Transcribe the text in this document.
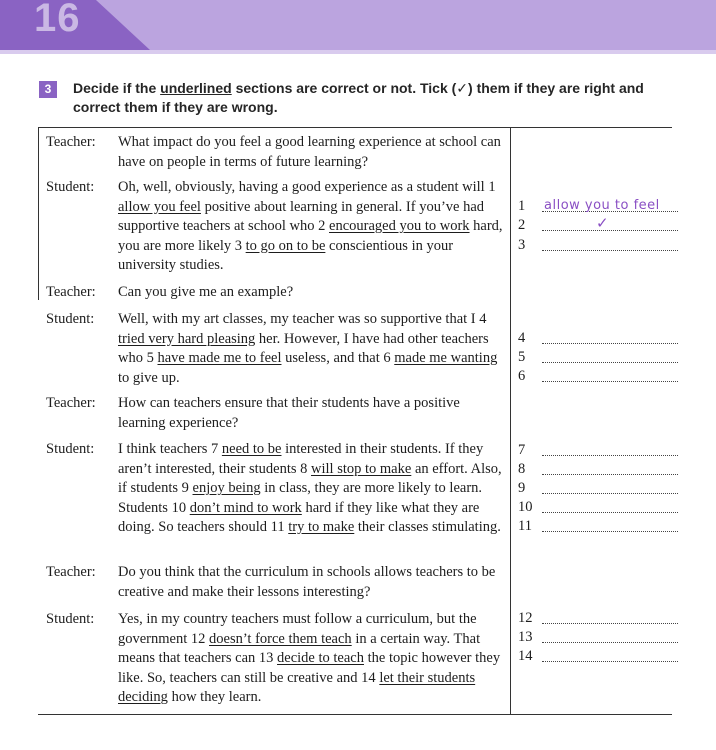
16
3	Decide if the underlined sections are correct or not. Tick (✓) them if they are right and correct them if they are wrong.
Teacher:	What impact do you feel a good learning experience at school can have on people in terms of future learning?
Student:	Oh, well, obviously, having a good experience as a student will 1 allow you feel positive about learning in general. If you’ve had supportive teachers at school who 2 encouraged you to work hard, you are more likely 3 to go on to be conscientious in your university studies.
Teacher:	Can you give me an example?
Student:	Well, with my art classes, my teacher was so supportive that I 4 tried very hard pleasing her. However, I have had other teachers who 5 have made me to feel useless, and that 6 made me wanting to give up.
Teacher:	How can teachers ensure that their students have a positive learning experience?
Student:	I think teachers 7 need to be interested in their students. If they aren’t interested, their students 8 will stop to make an effort. Also, if students 9 enjoy being in class, they are more likely to learn. Students 10 don’t mind to work hard if they like what they are doing. So teachers should 11 try to make their classes stimulating.
Teacher:	Do you think that the curriculum in schools allows teachers to be creative and make their lessons interesting?
Student:	Yes, in my country teachers must follow a curriculum, but the government 12 doesn’t force them teach in a certain way. That means that teachers can 13 decide to teach the topic however they like. So, teachers can still be creative and 14 let their students deciding how they learn.
1	allow you to feel
2	✓
3
4
5
6
7
8
9
10
11
12
13
14
